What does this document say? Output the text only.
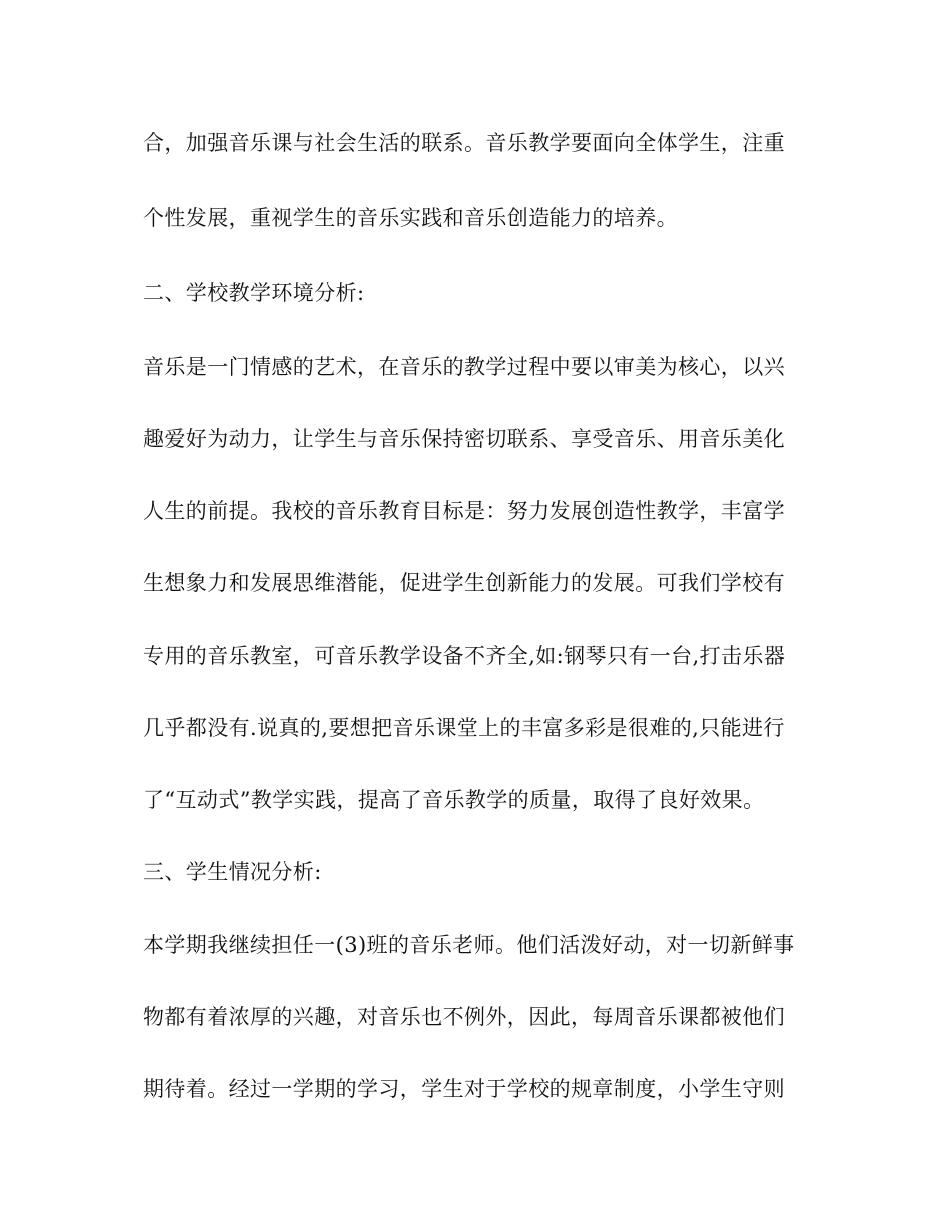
合，加强音乐课与社会生活的联系。音乐教学要面向全体学生，注重
个性发展，重视学生的音乐实践和音乐创造能力的培养。
二、学校教学环境分析:
音乐是一门情感的艺术，在音乐的教学过程中要以审美为核心，以兴
趣爱好为动力，让学生与音乐保持密切联系、享受音乐、用音乐美化
人生的前提。我校的音乐教育目标是：努力发展创造性教学，丰富学
生想象力和发展思维潜能，促进学生创新能力的发展。可我们学校有
专用的音乐教室，可音乐教学设备不齐全,如:钢琴只有一台,打击乐器
几乎都没有.说真的,要想把音乐课堂上的丰富多彩是很难的,只能进行
了“互动式”教学实践，提高了音乐教学的质量，取得了良好效果。
三、学生情况分析:
本学期我继续担任一(3)班的音乐老师。他们活泼好动，对一切新鲜事
物都有着浓厚的兴趣，对音乐也不例外，因此，每周音乐课都被他们
期待着。经过一学期的学习，学生对于学校的规章制度，小学生守则
